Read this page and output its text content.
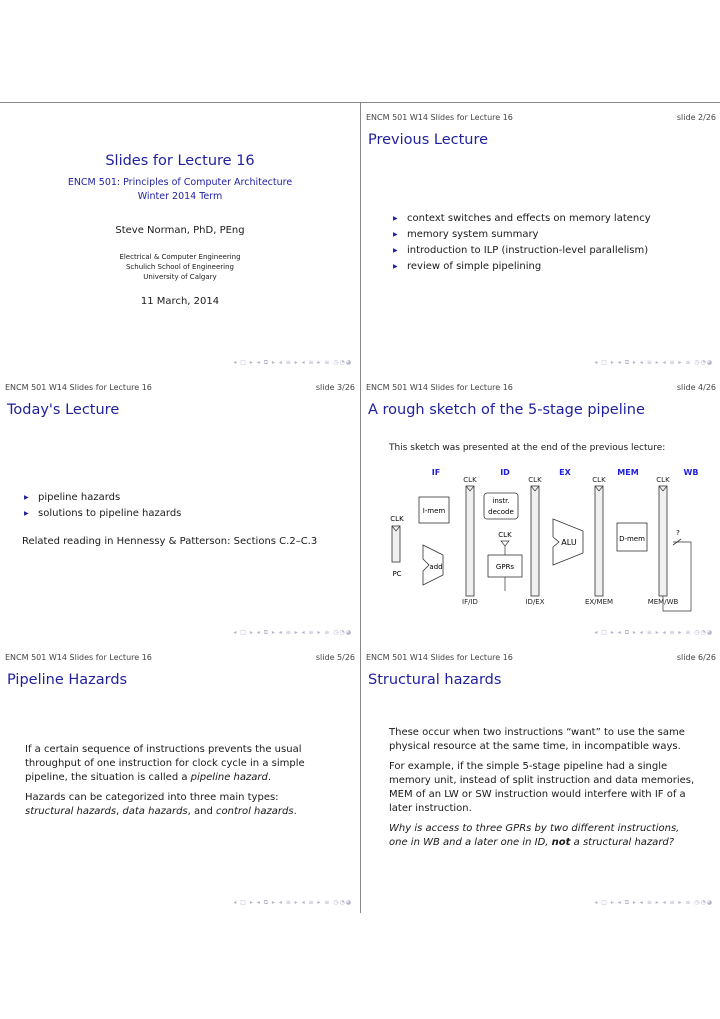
Slides for Lecture 16
ENCM 501: Principles of Computer Architecture
Winter 2014 Term
Steve Norman, PhD, PEng
Electrical & Computer Engineering
Schulich School of Engineering
University of Calgary
11 March, 2014
◂ □ ▸ ◂ ⧉ ▸ ◂ ≡ ▸ ◂ ≡ ▸ ≡ ◷◔◕
ENCM 501 W14 Slides for Lecture 16	slide 2/26
Previous Lecture
▶ context switches and effects on memory latency
▶ memory system summary
▶ introduction to ILP (instruction-level parallelism)
▶ review of simple pipelining
◂ □ ▸ ◂ ⧉ ▸ ◂ ≡ ▸ ◂ ≡ ▸ ≡ ◷◔◕
ENCM 501 W14 Slides for Lecture 16	slide 3/26
Today's Lecture
▶ pipeline hazards
▶ solutions to pipeline hazards
Related reading in Hennessy & Patterson: Sections C.2–C.3
◂ □ ▸ ◂ ⧉ ▸ ◂ ≡ ▸ ◂ ≡ ▸ ≡ ◷◔◕
ENCM 501 W14 Slides for Lecture 16	slide 4/26
A rough sketch of the 5-stage pipeline
This sketch was presented at the end of the previous lecture:
IF	ID	EX	MEM	WB
CLK	CLK	CLK	CLK
IF/ID	ID/EX	EX/MEM	MEM/WB
CLK
PC
I-mem
instr.
decode
add
CLK
GPRs
ALU	D-mem
?
◂ □ ▸ ◂ ⧉ ▸ ◂ ≡ ▸ ◂ ≡ ▸ ≡ ◷◔◕
ENCM 501 W14 Slides for Lecture 16	slide 5/26
Pipeline Hazards

If a certain sequence of instructions prevents the usual throughput of one instruction for clock cycle in a simple pipeline, the situation is called a pipeline hazard.

Hazards can be categorized into three main types: structural hazards, data hazards, and control hazards.

◂ □ ▸ ◂ ⧉ ▸ ◂ ≡ ▸ ◂ ≡ ▸ ≡ ◷◔◕
ENCM 501 W14 Slides for Lecture 16	slide 6/26
Structural hazards

These occur when two instructions “want” to use the same physical resource at the same time, in incompatible ways.

For example, if the simple 5-stage pipeline had a single memory unit, instead of split instruction and data memories, MEM of an LW or SW instruction would interfere with IF of a later instruction.

Why is access to three GPRs by two different instructions, one in WB and a later one in ID, not a structural hazard?

◂ □ ▸ ◂ ⧉ ▸ ◂ ≡ ▸ ◂ ≡ ▸ ≡ ◷◔◕
